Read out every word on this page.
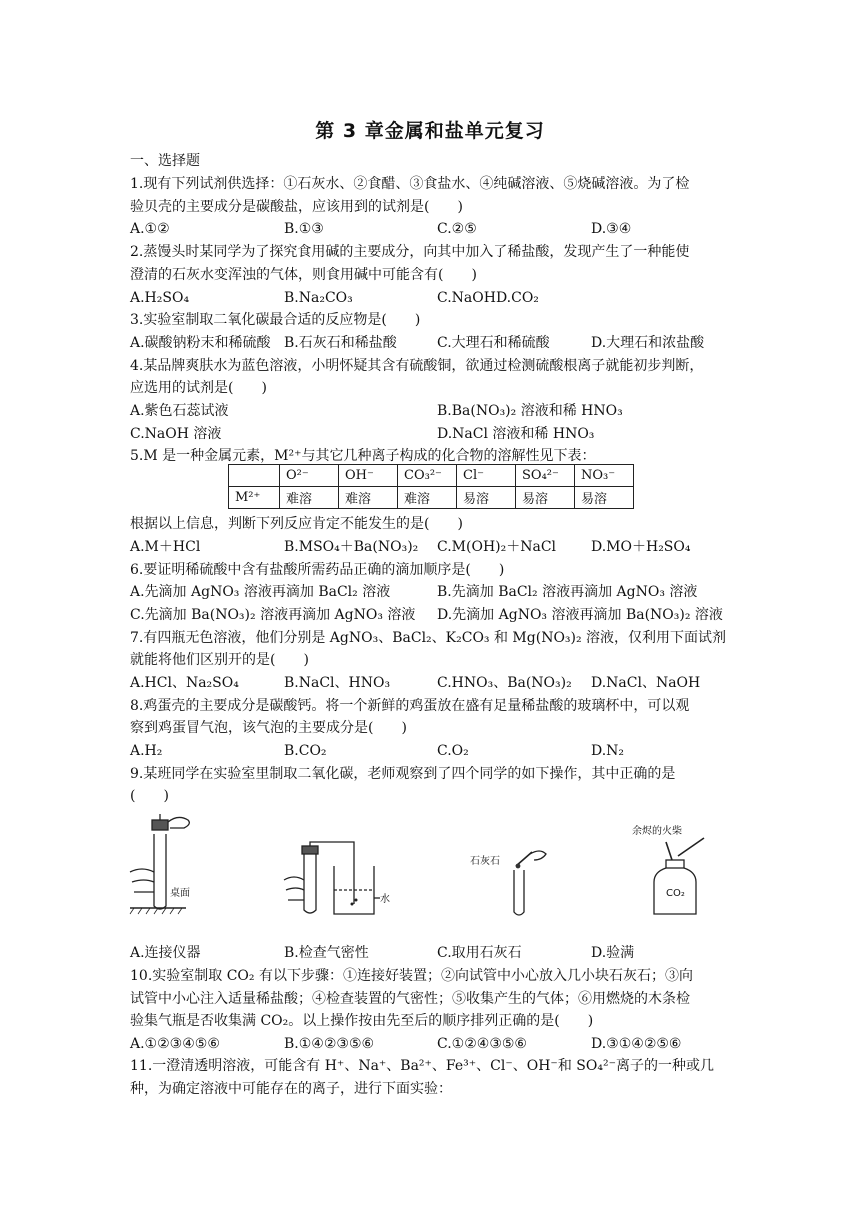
第 3 章金属和盐单元复习
一、选择题
1.现有下列试剂供选择：①石灰水、②食醋、③食盐水、④纯碱溶液、⑤烧碱溶液。为了检
验贝壳的主要成分是碳酸盐，应该用到的试剂是(　　)
A.①②	B.①③	C.②⑤	D.③④
2.蒸馒头时某同学为了探究食用碱的主要成分，向其中加入了稀盐酸，发现产生了一种能使
澄清的石灰水变浑浊的气体，则食用碱中可能含有(　　)
A.H₂SO₄	B.Na₂CO₃	C.NaOHD.CO₂
3.实验室制取二氧化碳最合适的反应物是(　　)
A.碳酸钠粉末和稀硫酸 B.石灰石和稀盐酸	C.大理石和稀硫酸	D.大理石和浓盐酸
4.某品牌爽肤水为蓝色溶液，小明怀疑其含有硫酸铜，欲通过检测硫酸根离子就能初步判断，
应选用的试剂是(　　)
A.紫色石蕊试液	B.Ba(NO₃)₂ 溶液和稀 HNO₃
C.NaOH 溶液	D.NaCl 溶液和稀 HNO₃
5.M 是一种金属元素，M²⁺与其它几种离子构成的化合物的溶解性见下表：
	O²⁻	OH⁻	CO₃²⁻	Cl⁻	SO₄²⁻	NO₃⁻
M²⁺	难溶	难溶	难溶	易溶	易溶	易溶
根据以上信息，判断下列反应肯定不能发生的是(　　)
A.M＋HCl	B.MSO₄＋Ba(NO₃)₂ C.M(OH)₂＋NaCl D.MO＋H₂SO₄
6.要证明稀硫酸中含有盐酸所需药品正确的滴加顺序是(　　)
A.先滴加 AgNO₃ 溶液再滴加 BaCl₂ 溶液	B.先滴加 BaCl₂ 溶液再滴加 AgNO₃ 溶液
C.先滴加 Ba(NO₃)₂ 溶液再滴加 AgNO₃ 溶液 D.先滴加 AgNO₃ 溶液再滴加 Ba(NO₃)₂ 溶液
7.有四瓶无色溶液，他们分别是 AgNO₃、BaCl₂、K₂CO₃ 和 Mg(NO₃)₂ 溶液，仅利用下面试剂
就能将他们区别开的是(　　)
A.HCl、Na₂SO₄	B.NaCl、HNO₃	C.HNO₃、Ba(NO₃)₂ D.NaCl、NaOH
8.鸡蛋壳的主要成分是碳酸钙。将一个新鲜的鸡蛋放在盛有足量稀盐酸的玻璃杯中，可以观
察到鸡蛋冒气泡，该气泡的主要成分是(　　)
A.H₂	B.CO₂	C.O₂	D.N₂
9.某班同学在实验室里制取二氧化碳，老师观察到了四个同学的如下操作，其中正确的是
(　　)
桌面
水
石灰石
余烬的火柴
CO₂
A.连接仪器	B.检查气密性	C.取用石灰石	D.验满
10.实验室制取 CO₂ 有以下步骤：①连接好装置；②向试管中小心放入几小块石灰石；③向
试管中小心注入适量稀盐酸；④检查装置的气密性；⑤收集产生的气体；⑥用燃烧的木条检
验集气瓶是否收集满 CO₂。以上操作按由先至后的顺序排列正确的是(　　)
A.①②③④⑤⑥	B.①④②③⑤⑥	C.①②④③⑤⑥	D.③①④②⑤⑥
11.一澄清透明溶液，可能含有 H⁺、Na⁺、Ba²⁺、Fe³⁺、Cl⁻、OH⁻和 SO₄²⁻离子的一种或几
种，为确定溶液中可能存在的离子，进行下面实验：
